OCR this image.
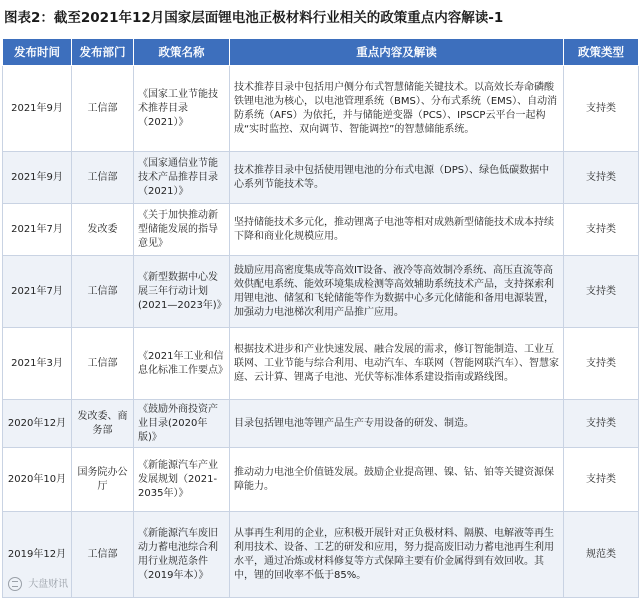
图表2：截至2021年12月国家层面锂电池正极材料行业相关的政策重点内容解读-1
发布时间	发布部门	政策名称	重点内容及解读	政策类型
2021年9月	工信部	《国家工业节能技术推荐目录（2021）》	技术推荐目录中包括用户侧分布式智慧储能关键技术。以高效长寿命磷酸铁锂电池为核心，以电池管理系统（BMS）、分布式系统（EMS）、自动消防系统（AFS）为依托，并与储能逆变器（PCS）、IPSCP云平台一起构成“实时监控、双向调节、智能调控”的智慧储能系统。	支持类
2021年9月	工信部	《国家通信业节能技术产品推荐目录（2021）》	技术推荐目录中包括使用锂电池的分布式电源（DPS）、绿色低碳数据中心系列节能技术等。	支持类
2021年7月	发改委	《关于加快推动新型储能发展的指导意见》	坚持储能技术多元化，推动锂离子电池等相对成熟新型储能技术成本持续下降和商业化规模应用。	支持类
2021年7月	工信部	《新型数据中心发展三年行动计划(2021—2023年)》	鼓励应用高密度集成等高效IT设备、液冷等高效制冷系统、高压直流等高效供配电系统、能效环境集成检测等高效辅助系统技术产品，支持探索利用锂电池、储氢和飞轮储能等作为数据中心多元化储能和备用电源装置，加强动力电池梯次利用产品推广应用。	支持类
2021年3月	工信部	《2021年工业和信息化标准工作要点》	根据技术进步和产业快速发展、融合发展的需求，修订智能制造、工业互联网、工业节能与综合利用、电动汽车、车联网（智能网联汽车）、智慧家庭、云计算、锂离子电池、光伏等标准体系建设指南或路线图。	支持类
2020年12月	发改委、商务部	《鼓励外商投资产业目录(2020年版)》	目录包括锂电池等锂产品生产专用设备的研发、制造。	支持类
2020年10月	国务院办公厅	《新能源汽车产业发展规划（2021-2035年）》	推动动力电池全价值链发展。鼓励企业提高锂、镍、钴、铂等关键资源保障能力。	支持类
2019年12月	工信部	《新能源汽车废旧动力蓄电池综合利用行业规范条件（2019年本）》	从事再生利用的企业，应积极开展针对正负极材料、隔膜、电解液等再生利用技术、设备、工艺的研发和应用，努力提高废旧动力蓄电池再生利用水平，通过冶炼或材料修复等方式保障主要有价金属得到有效回收。其中，锂的回收率不低于85%。	规范类
大盘财讯
